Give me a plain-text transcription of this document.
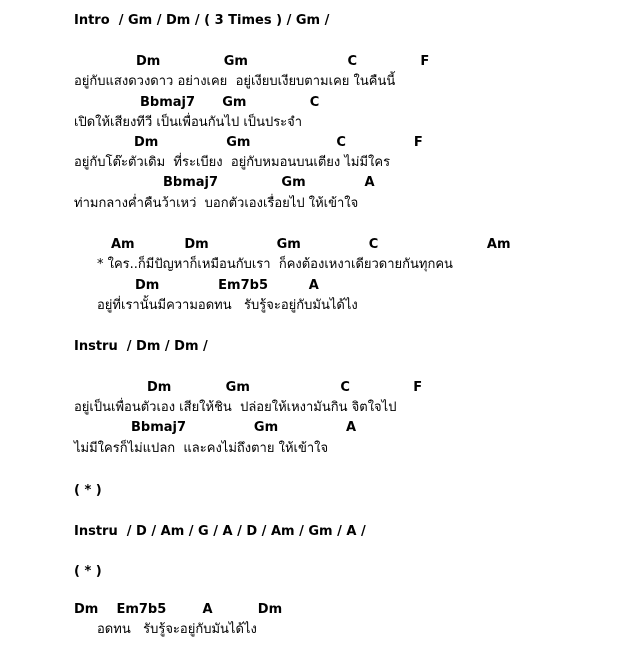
Intro  / Gm / Dm / ( 3 Times ) / Gm /
Dm              Gm                      C              F
อยู่กับแสงดวงดาว อย่างเคย  อยู่เงียบเงียบตามเคย ในคืนนี้
Bbmaj7      Gm              C
เปิดให้เสียงทีวี เป็นเพื่อนกันไป เป็นประจำ
Dm               Gm                   C               F
อยู่กับโต๊ะตัวเดิม  ที่ระเบียง  อยู่กับหมอนบนเตียง ไม่มีใคร
Bbmaj7              Gm             A
ท่ามกลางค่ำคืนว้าเหว่  บอกตัวเองเรื่อยไป ให้เข้าใจ
Am           Dm               Gm               C                        Am
* ใคร..ก็มีปัญหาก็เหมือนกับเรา  ก็คงต้องเหงาเดียวดายกันทุกคน
Dm             Em7b5         A
อยู่ที่เรานั้นมีความอดทน   รับรู้จะอยู่กับมันได้ไง
Instru  / Dm / Dm /
Dm            Gm                    C              F
อยู่เป็นเพื่อนตัวเอง เสียให้ชิน  ปล่อยให้เหงามันกิน จิตใจไป
Bbmaj7               Gm               A
ไม่มีใครก็ไม่แปลก  และคงไม่ถึงตาย ให้เข้าใจ
( * )
Instru  / D / Am / G / A / D / Am / Gm / A /
( * )
Dm    Em7b5        A          Dm
อดทน   รับรู้จะอยู่กับมันได้ไง
